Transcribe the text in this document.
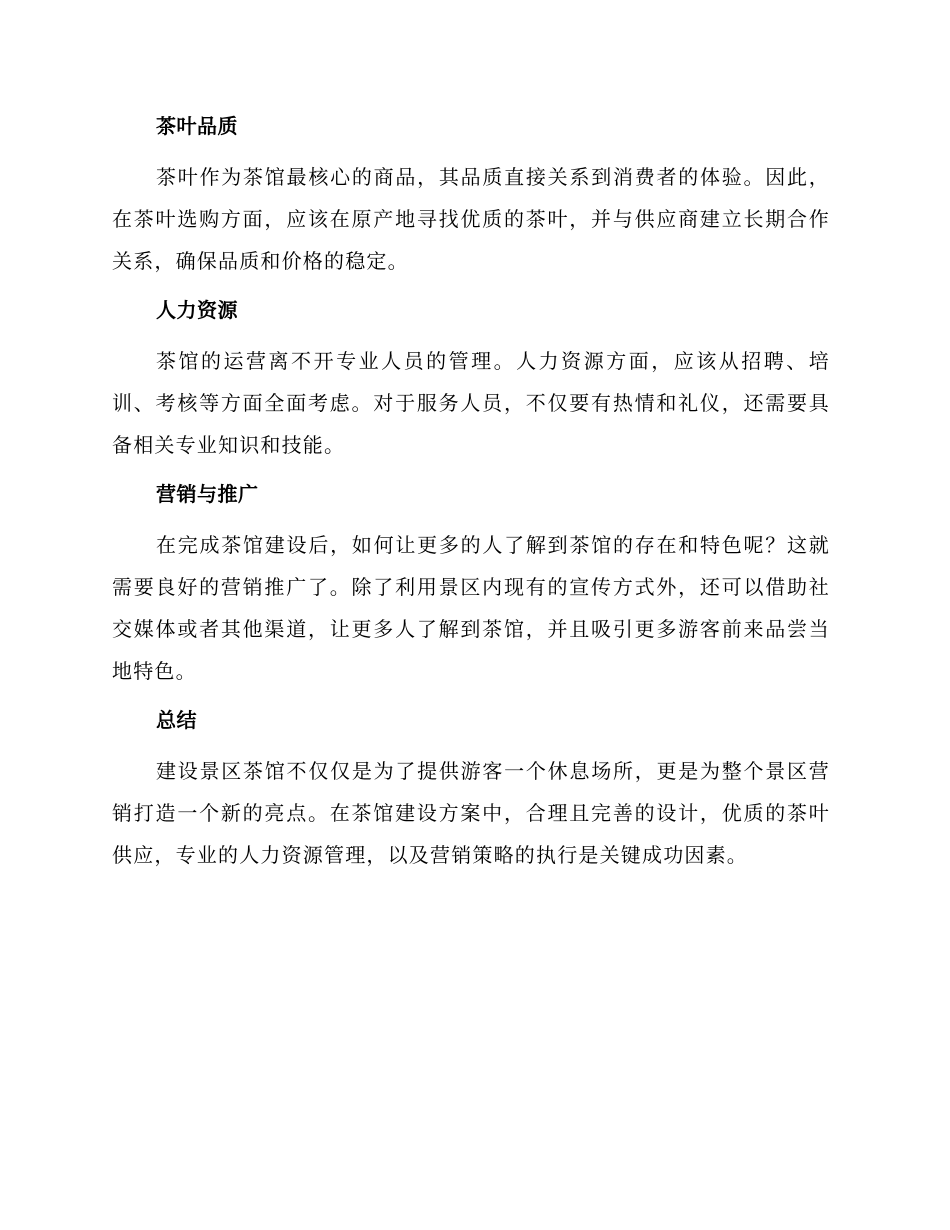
茶叶品质

茶叶作为茶馆最核心的商品，其品质直接关系到消费者的体验。因此，在茶叶选购方面，应该在原产地寻找优质的茶叶，并与供应商建立长期合作关系，确保品质和价格的稳定。

人力资源

茶馆的运营离不开专业人员的管理。人力资源方面，应该从招聘、培训、考核等方面全面考虑。对于服务人员，不仅要有热情和礼仪，还需要具备相关专业知识和技能。

营销与推广

在完成茶馆建设后，如何让更多的人了解到茶馆的存在和特色呢？这就需要良好的营销推广了。除了利用景区内现有的宣传方式外，还可以借助社交媒体或者其他渠道，让更多人了解到茶馆，并且吸引更多游客前来品尝当地特色。

总结

建设景区茶馆不仅仅是为了提供游客一个休息场所，更是为整个景区营销打造一个新的亮点。在茶馆建设方案中，合理且完善的设计，优质的茶叶供应，专业的人力资源管理，以及营销策略的执行是关键成功因素。
